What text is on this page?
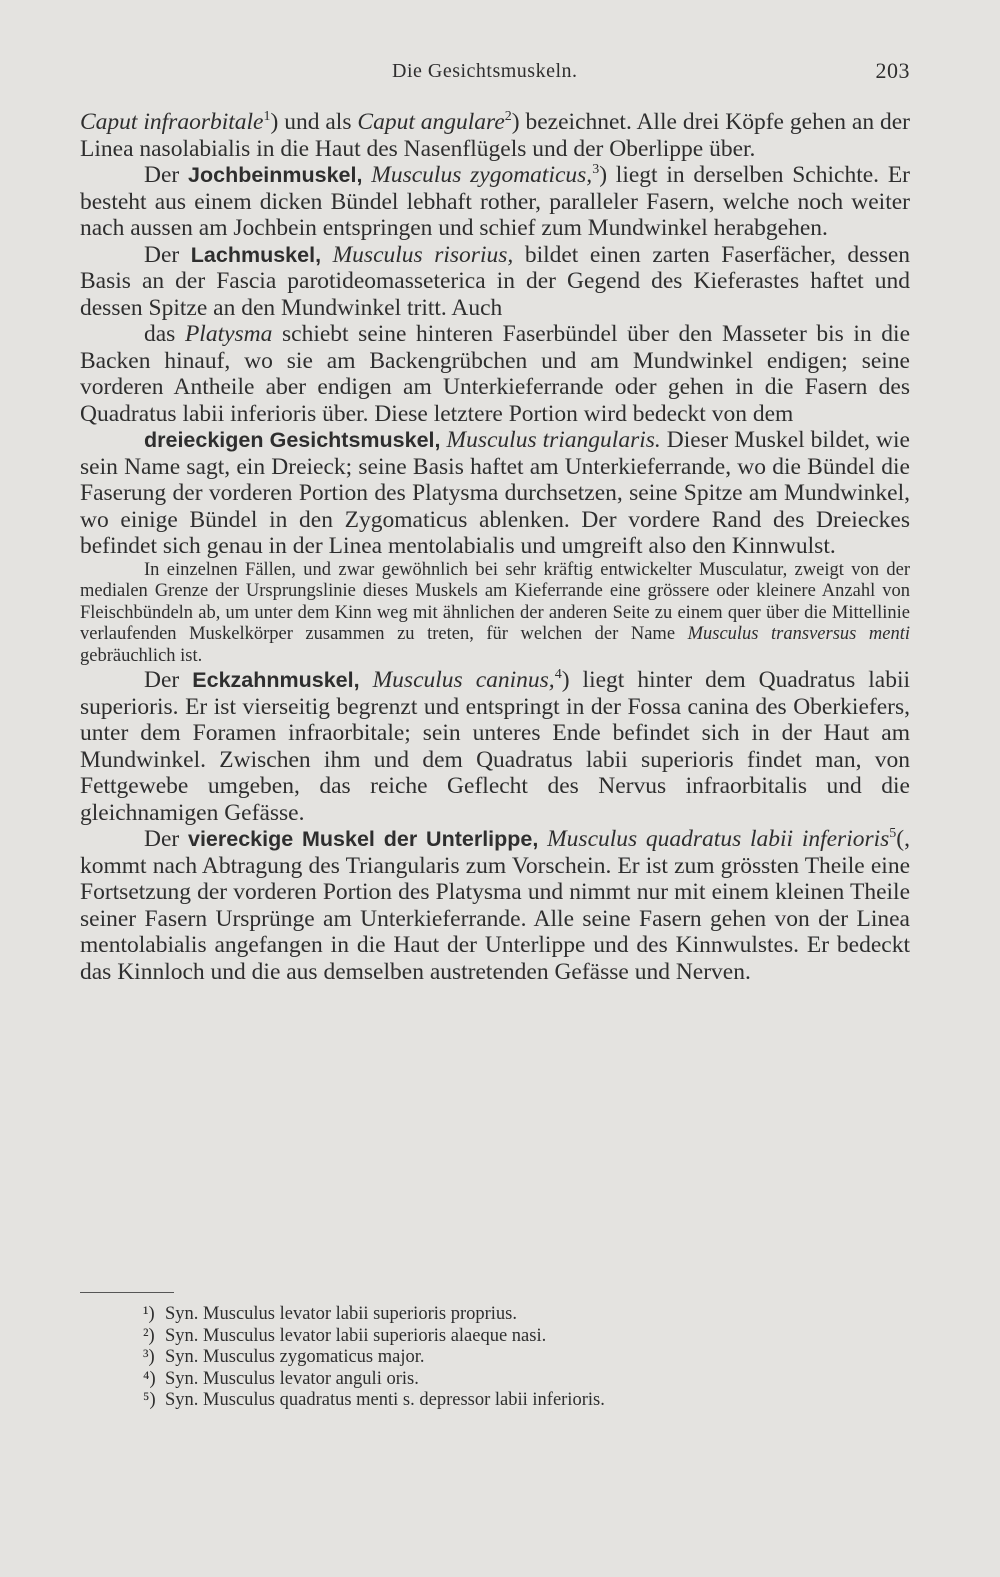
Die Gesichtsmuskeln.	203

Caput infraorbitale$^1$) und als Caput angulare$^2$) bezeichnet. Alle drei Köpfe gehen an der Linea nasolabialis in die Haut des Nasenflügels und der Oberlippe über.

Der Jochbeinmuskel, Musculus zygomaticus,$^3$) liegt in derselben Schichte. Er besteht aus einem dicken Bündel lebhaft rother, paralleler Fasern, welche noch weiter nach aussen am Jochbein entspringen und schief zum Mundwinkel herabgehen.

Der Lachmuskel, Musculus risorius, bildet einen zarten Faserfächer, dessen Basis an der Fascia parotideomasseterica in der Gegend des Kieferastes haftet und dessen Spitze an den Mundwinkel tritt. Auch

das Platysma schiebt seine hinteren Faserbündel über den Masseter bis in die Backen hinauf, wo sie am Backengrübchen und am Mundwinkel endigen; seine vorderen Antheile aber endigen am Unterkieferrande oder gehen in die Fasern des Quadratus labii inferioris über. Diese letztere Portion wird bedeckt von dem

dreieckigen Gesichtsmuskel, Musculus triangularis. Dieser Muskel bildet, wie sein Name sagt, ein Dreieck; seine Basis haftet am Unterkieferrande, wo die Bündel die Faserung der vorderen Portion des Platysma durchsetzen, seine Spitze am Mundwinkel, wo einige Bündel in den Zygomaticus ablenken. Der vordere Rand des Dreieckes befindet sich genau in der Linea mentolabialis und umgreift also den Kinnwulst.

In einzelnen Fällen, und zwar gewöhnlich bei sehr kräftig entwickelter Musculatur, zweigt von der medialen Grenze der Ursprungslinie dieses Muskels am Kieferrande eine grössere oder kleinere Anzahl von Fleischbündeln ab, um unter dem Kinn weg mit ähnlichen der anderen Seite zu einem quer über die Mittellinie verlaufenden Muskelkörper zusammen zu treten, für welchen der Name Musculus transversus menti gebräuchlich ist.

Der Eckzahnmuskel, Musculus caninus,$^4$) liegt hinter dem Quadratus labii superioris. Er ist vierseitig begrenzt und entspringt in der Fossa canina des Oberkiefers, unter dem Foramen infraorbitale; sein unteres Ende befindet sich in der Haut am Mundwinkel. Zwischen ihm und dem Quadratus labii superioris findet man, von Fettgewebe umgeben, das reiche Geflecht des Nervus infraorbitalis und die gleichnamigen Gefässe.

Der viereckige Muskel der Unterlippe, Musculus quadratus labii inferioris$^5$(, kommt nach Abtragung des Triangularis zum Vorschein. Er ist zum grössten Theile eine Fortsetzung der vorderen Portion des Platysma und nimmt nur mit einem kleinen Theile seiner Fasern Ursprünge am Unterkieferrande. Alle seine Fasern gehen von der Linea mentolabialis angefangen in die Haut der Unterlippe und des Kinnwulstes. Er bedeckt das Kinnloch und die aus demselben austretenden Gefässe und Nerven.

¹) Syn. Musculus levator labii superioris proprius.
²) Syn. Musculus levator labii superioris alaeque nasi.
³) Syn. Musculus zygomaticus major.
⁴) Syn. Musculus levator anguli oris.
⁵) Syn. Musculus quadratus menti s. depressor labii inferioris.
